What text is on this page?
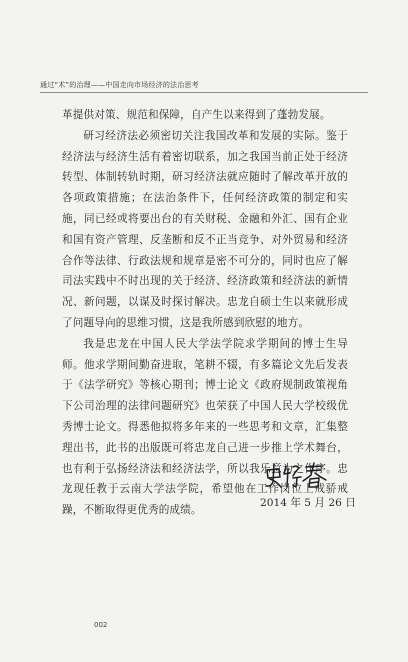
通过“术”的治理——中国走向市场经济的法治思考

革提供对策、规范和保障，自产生以来得到了蓬勃发展。

研习经济法必须密切关注我国改革和发展的实际。鉴于经济法与经济生活有着密切联系，加之我国当前正处于经济转型、体制转轨时期，研习经济法就应随时了解改革开放的各项政策措施；在法治条件下，任何经济政策的制定和实施，同已经或将要出台的有关财税、金融和外汇、国有企业和国有资产管理、反垄断和反不正当竞争、对外贸易和经济合作等法律、行政法规和规章是密不可分的，同时也应了解司法实践中不时出现的关于经济、经济政策和经济法的新情况、新问题，以谋及时探讨解决。忠龙自硕士生以来就形成了问题导向的思维习惯，这是我所感到欣慰的地方。

我是忠龙在中国人民大学法学院求学期间的博士生导师。他求学期间勤奋进取，笔耕不辍，有多篇论文先后发表于《法学研究》等核心期刊；博士论文《政府规制政策视角下公司治理的法律问题研究》也荣获了中国人民大学校级优秀博士论文。得悉他拟将多年来的一些思考和文章，汇集整理出书，此书的出版既可将忠龙自己进一步推上学术舞台，也有利于弘扬经济法和经济法学，所以我乐意为之作序。忠龙现任教于云南大学法学院，希望他在工作岗位上戒骄戒躁，不断取得更优秀的成绩。

2014 年 5 月 26 日
002
